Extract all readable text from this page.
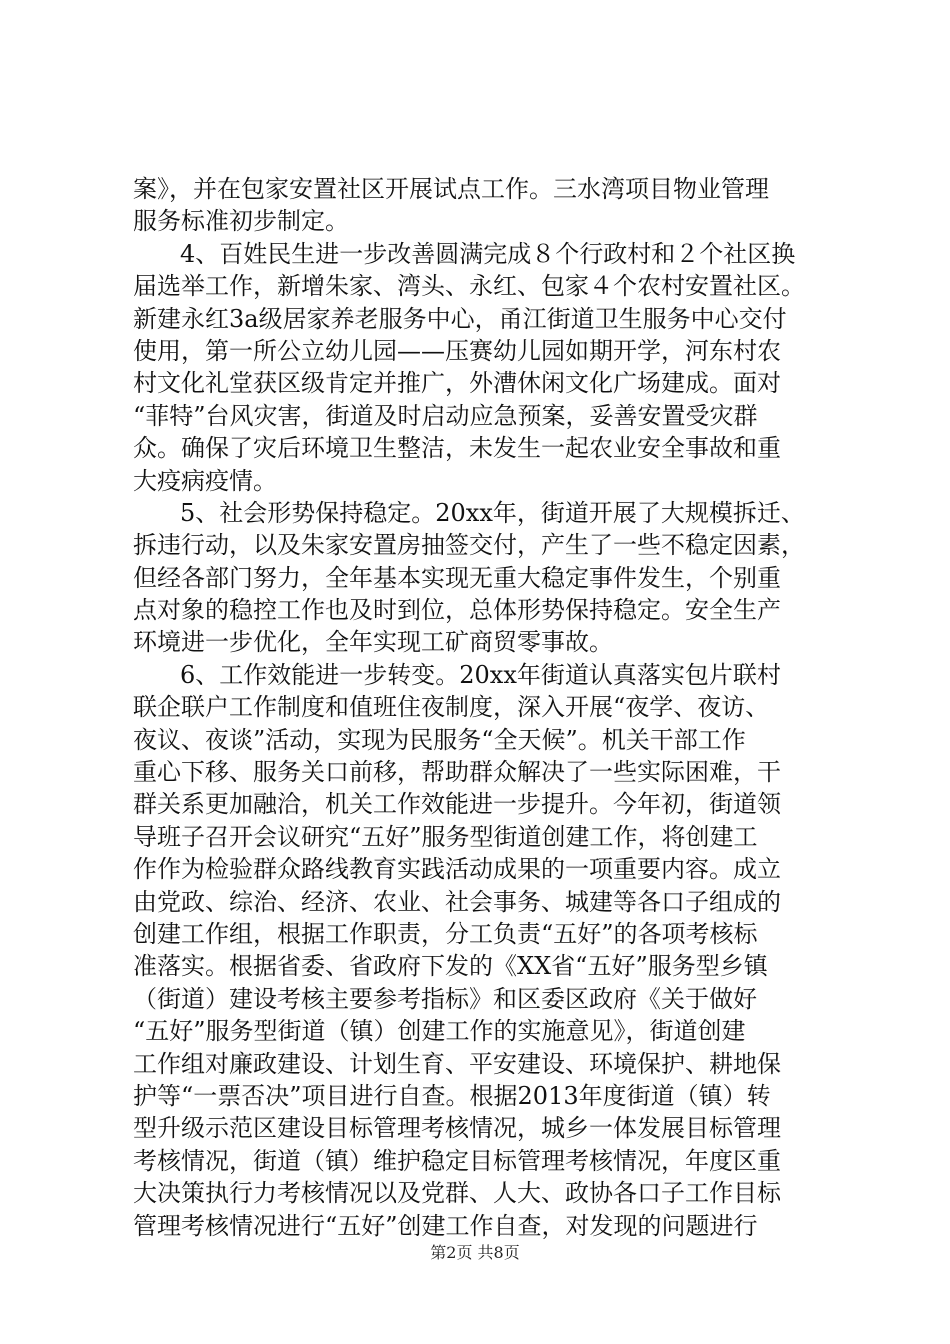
案》，并在包家安置社区开展试点工作。三水湾项目物业管理
服务标准初步制定。
4、百姓民生进一步改善圆满完成８个行政村和２个社区换
届选举工作，新增朱家、湾头、永红、包家４个农村安置社区。
新建永红3a级居家养老服务中心，甬江街道卫生服务中心交付
使用，第一所公立幼儿园——压赛幼儿园如期开学，河东村农
村文化礼堂获区级肯定并推广，外漕休闲文化广场建成。面对
“菲特”台风灾害，街道及时启动应急预案，妥善安置受灾群
众。确保了灾后环境卫生整洁，未发生一起农业安全事故和重
大疫病疫情。
5、社会形势保持稳定。20xx年，街道开展了大规模拆迁、
拆违行动，以及朱家安置房抽签交付，产生了一些不稳定因素，
但经各部门努力，全年基本实现无重大稳定事件发生，个别重
点对象的稳控工作也及时到位，总体形势保持稳定。安全生产
环境进一步优化，全年实现工矿商贸零事故。
6、工作效能进一步转变。20xx年街道认真落实包片联村
联企联户工作制度和值班住夜制度，深入开展“夜学、夜访、
夜议、夜谈”活动，实现为民服务“全天候”。机关干部工作
重心下移、服务关口前移，帮助群众解决了一些实际困难，干
群关系更加融洽，机关工作效能进一步提升。今年初，街道领
导班子召开会议研究“五好”服务型街道创建工作，将创建工
作作为检验群众路线教育实践活动成果的一项重要内容。成立
由党政、综治、经济、农业、社会事务、城建等各口子组成的
创建工作组，根据工作职责，分工负责“五好”的各项考核标
准落实。根据省委、省政府下发的《XX省“五好”服务型乡镇
（街道）建设考核主要参考指标》和区委区政府《关于做好
“五好”服务型街道（镇）创建工作的实施意见》，街道创建
工作组对廉政建设、计划生育、平安建设、环境保护、耕地保
护等“一票否决”项目进行自查。根据2013年度街道（镇）转
型升级示范区建设目标管理考核情况，城乡一体发展目标管理
考核情况，街道（镇）维护稳定目标管理考核情况，年度区重
大决策执行力考核情况以及党群、人大、政协各口子工作目标
管理考核情况进行“五好”创建工作自查，对发现的问题进行
第2页 共8页
